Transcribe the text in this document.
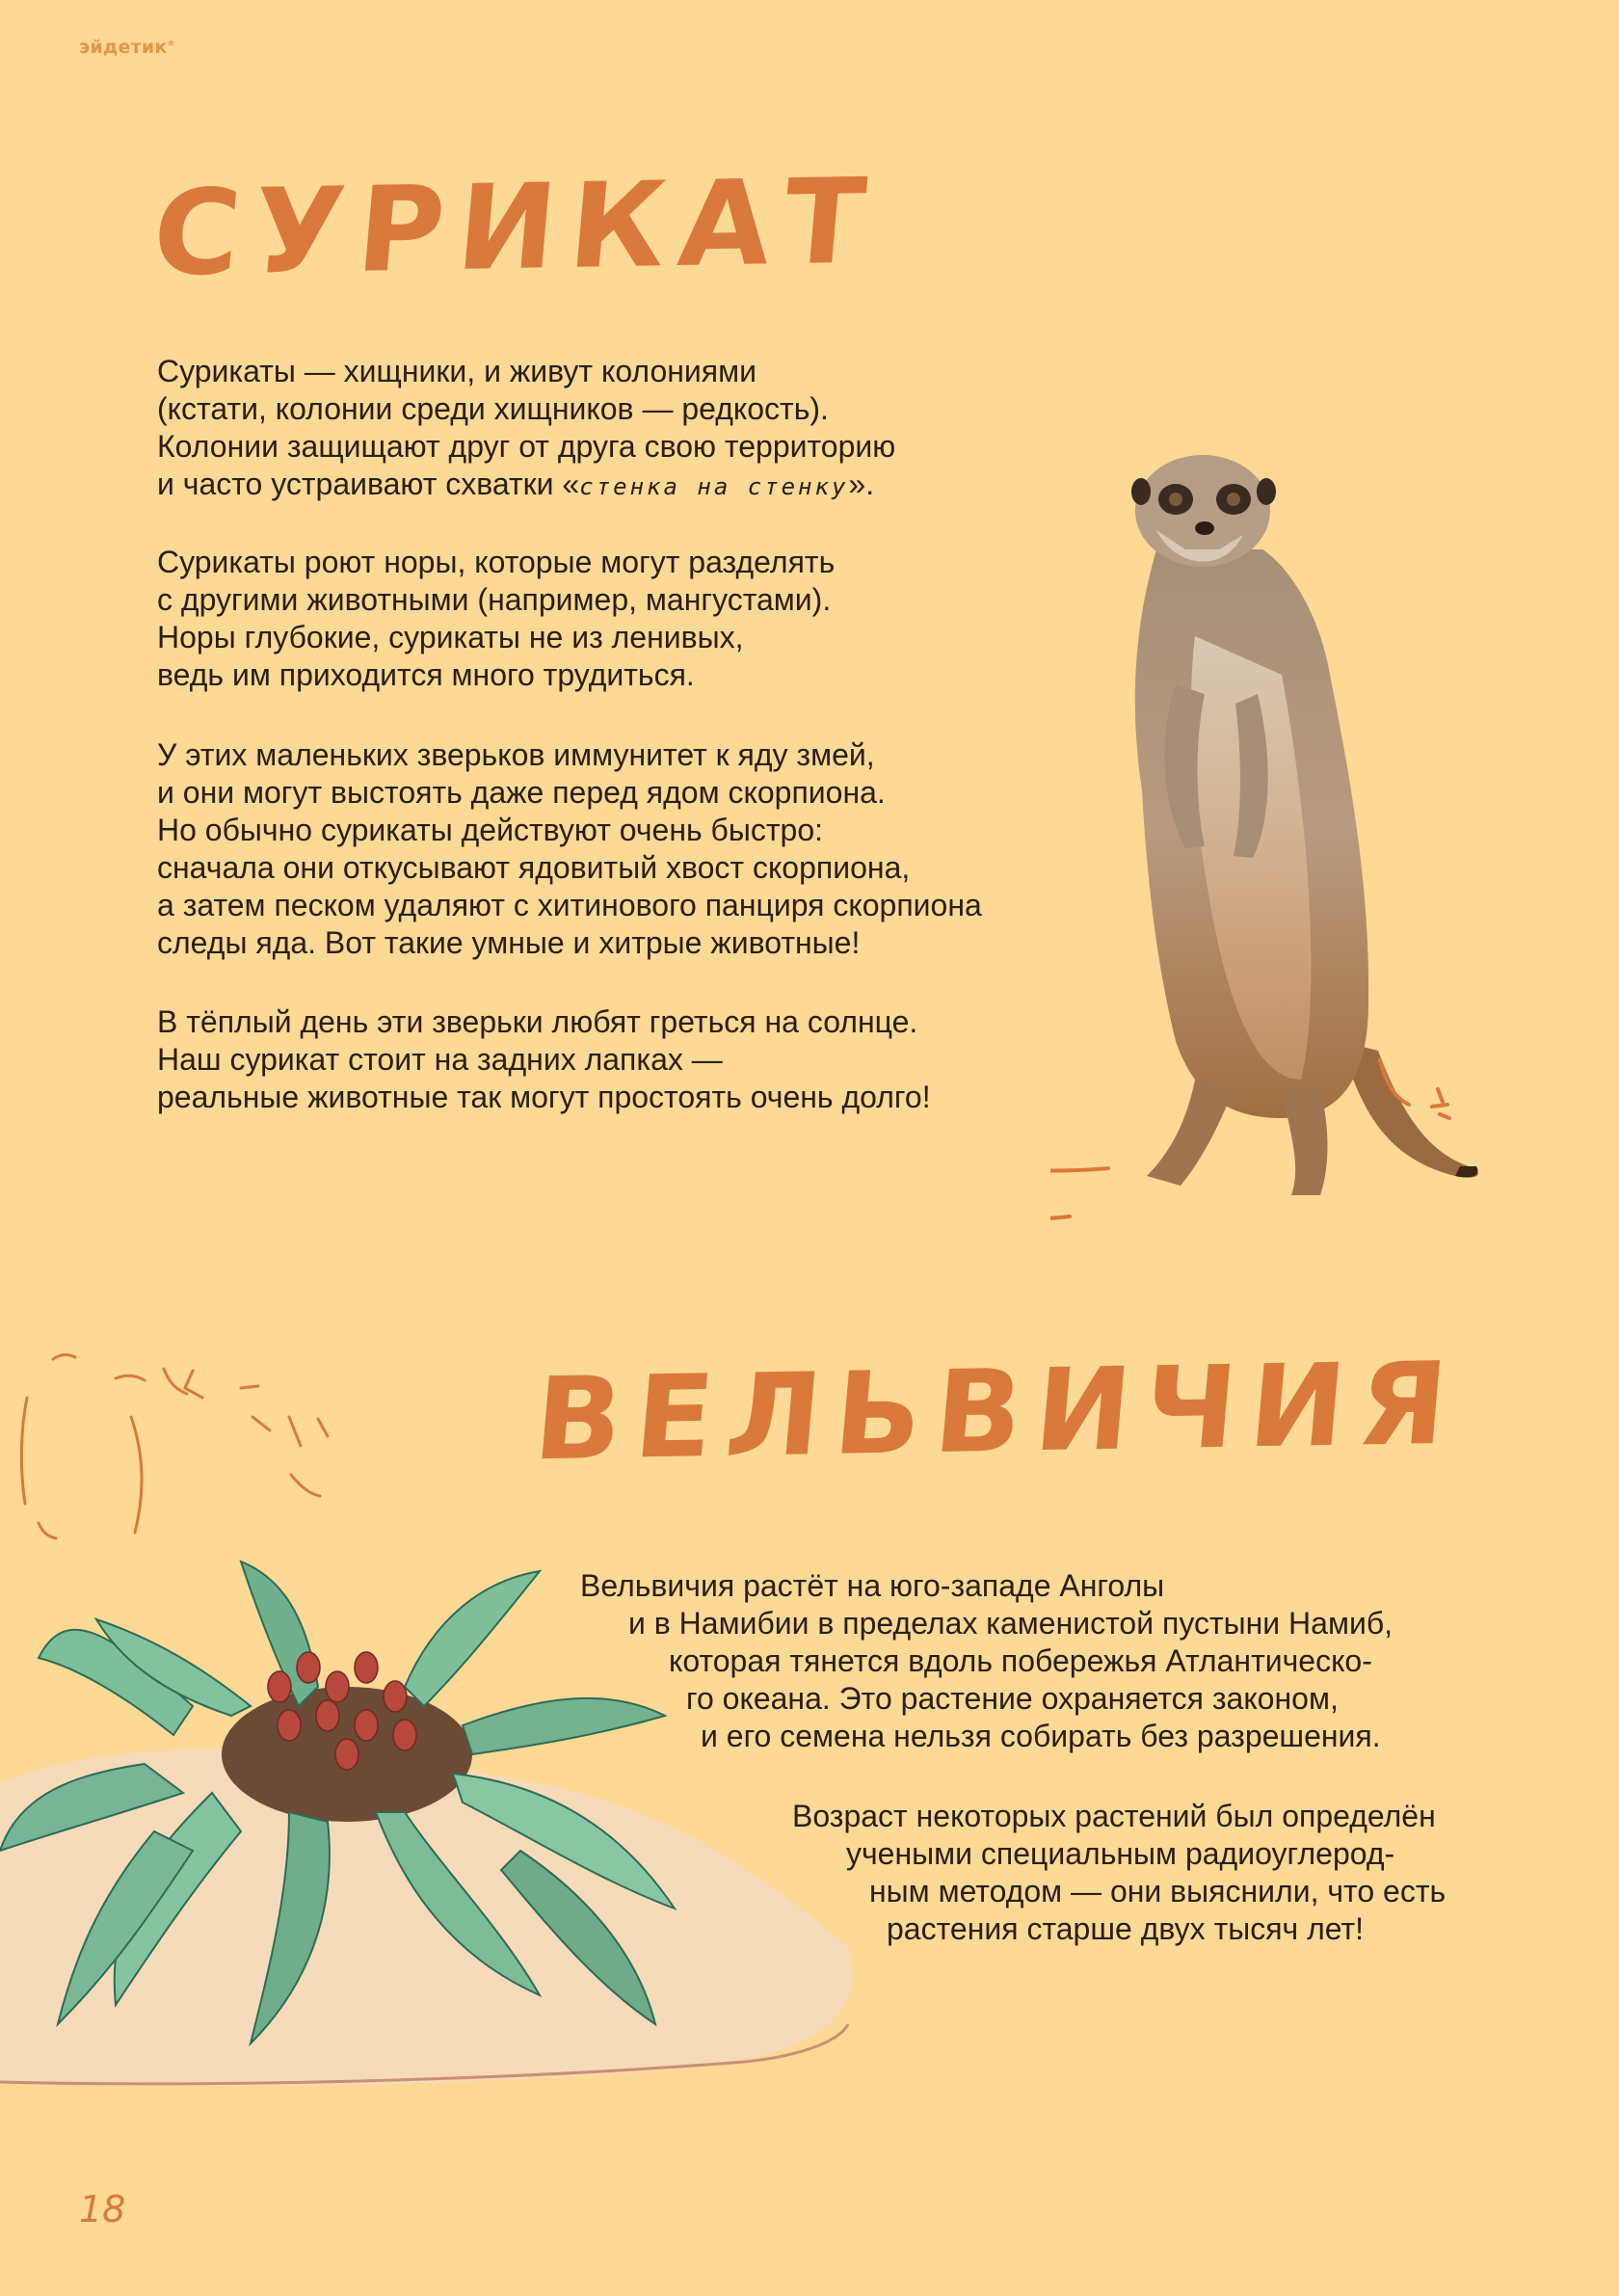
эйдетик®
СУРИКАТ

Сурикаты — хищники, и живут колониями
(кстати, колонии среди хищников — редкость).
Колонии защищают друг от друга свою территорию
и часто устраивают схватки «стенка на стенку».

Сурикаты роют норы, которые могут разделять
с другими животными (например, мангустами).
Норы глубокие, сурикаты не из ленивых,
ведь им приходится много трудиться.

У этих маленьких зверьков иммунитет к яду змей,
и они могут выстоять даже перед ядом скорпиона.
Но обычно сурикаты действуют очень быстро:
сначала они откусывают ядовитый хвост скорпиона,
а затем песком удаляют с хитинового панциря скорпиона
следы яда. Вот такие умные и хитрые животные!

В тёплый день эти зверьки любят греться на солнце.
Наш сурикат стоит на задних лапках —
реальные животные так могут простоять очень долго!

ВЕЛЬВИЧИЯ

Вельвичия растёт на юго-западе Анголы
и в Намибии в пределах каменистой пустыни Намиб,
которая тянется вдоль побережья Атлантическо-
го океана. Это растение охраняется законом,
и его семена нельзя собирать без разрешения.

Возраст некоторых растений был определён
учеными специальным радиоуглерод-
ным методом — они выяснили, что есть
растения старше двух тысяч лет!

18
